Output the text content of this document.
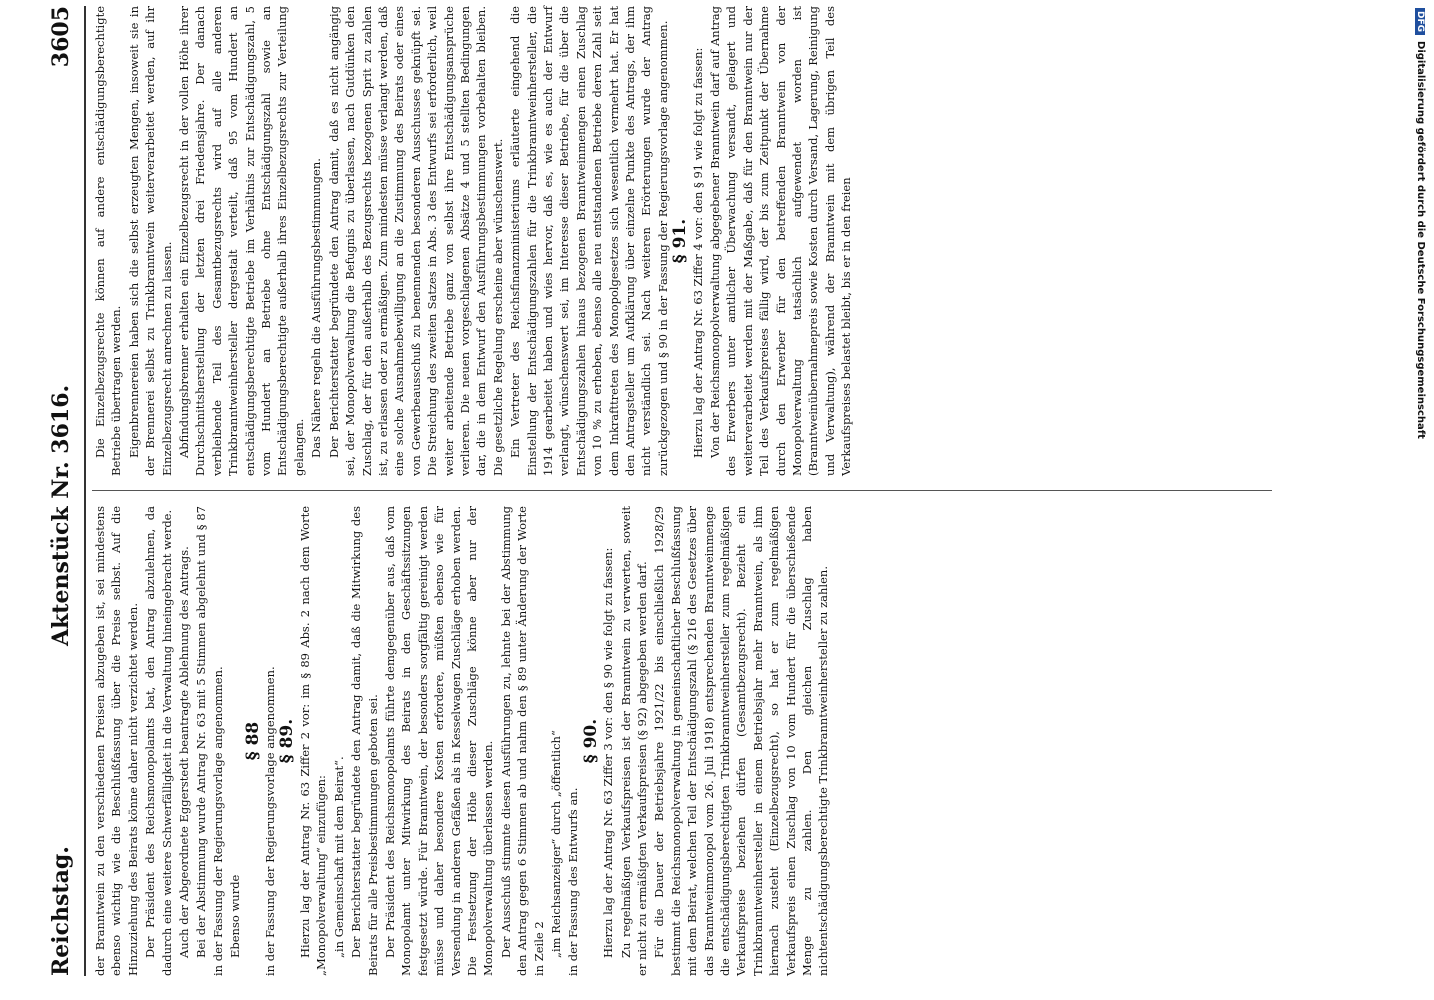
Reichstag.
Aktenstück Nr. 3616.
3605

der Branntwein zu den verschiedenen Preisen abzugeben ist, sei mindestens ebenso wichtig wie die Beschlußfassung über die Preise selbst. Auf die Hinzuziehung des Beirats könne daher nicht verzichtet werden. Der Präsident des Reichsmonopolamts bat, den Antrag abzulehnen, da dadurch eine weitere Schwerfälligkeit in die Verwaltung hineingebracht werde. Auch der Abgeordnete Eggerstedt beantragte Ablehnung des Antrags. Bei der Abstimmung wurde Antrag Nr. 63 mit 5 Stimmen abgelehnt und § 87 in der Fassung der Regierungsvorlage angenommen. Ebenso wurde

§ 88 in der Fassung der Regierungsvorlage angenommen. § 89. Hierzu lag der Antrag Nr. 63 Ziffer 2 vor: im § 89 Abs. 2 nach dem Worte „Monopolverwaltung“ einzufügen: „in Gemeinschaft mit dem Beirat“. Der Berichterstatter begründete den Antrag damit, daß die Mitwirkung des Beirats für alle Preisbestimmungen geboten sei. Der Präsident des Reichsmonopolamts führte demgegenüber aus, daß vom Monopolamt unter Mitwirkung des Beirats in den Geschäftssitzungen festgesetzt würde. Für Branntwein, der besonders sorgfältig gereinigt werden müsse und daher besondere Kosten erfordere, müßten ebenso wie für Versendung in anderen Gefäßen als in Kesselwagen Zuschläge erhoben werden. Die Festsetzung der Höhe dieser Zuschläge könne aber nur der Monopolverwaltung überlassen werden. Der Ausschuß stimmte diesen Ausführungen zu, lehnte bei der Abstimmung den Antrag gegen 6 Stimmen ab und nahm den § 89 unter Änderung der Worte in Zeile 2 „im Reichsanzeiger“ durch „öffentlich“ in der Fassung des Entwurfs an.

§ 90. Hierzu lag der Antrag Nr. 63 Ziffer 3 vor: den § 90 wie folgt zu fassen: Zu regelmäßigen Verkaufspreisen ist der Branntwein zu verwerten, soweit er nicht zu ermäßigten Verkaufspreisen (§ 92) abgegeben werden darf. Für die Dauer der Betriebsjahre 1921/22 bis einschließlich 1928/29 bestimmt die Reichsmonopolverwaltung in gemeinschaftlicher Beschlußfassung mit dem Beirat, welchen Teil der Entschädigungszahl (§ 216 des Gesetzes über das Branntweinmonopol vom 26. Juli 1918) entsprechenden Branntweinmenge die entschädigungsberechtigten Trinkbranntweinhersteller zum regelmäßigen Verkaufspreise beziehen dürfen (Gesamtbezugsrecht). Bezieht ein Trinkbranntweinhersteller in einem Betriebsjahr mehr Branntwein, als ihm hiernach zusteht (Einzelbezugsrecht), so hat er zum regelmäßigen Verkaufspreis einen Zuschlag von 10 vom Hundert für die überschießende Menge zu zahlen. Den gleichen Zuschlag haben nichtentschädigungsberechtigte Trinkbranntweinhersteller zu zahlen.

Die Einzelbezugsrechte können auf andere entschädigungsberechtigte Betriebe übertragen werden. Eigenbrennereien haben sich die selbst erzeugten Mengen, insoweit sie in der Brennerei selbst zu Trinkbranntwein weiterverarbeitet werden, auf ihr Einzelbezugsrecht anrechnen zu lassen. Abfindungsbrenner erhalten ein Einzelbezugsrecht in der vollen Höhe ihrer Durchschnittsherstellung der letzten drei Friedensjahre. Der danach verbleibende Teil des Gesamtbezugsrechts wird auf alle anderen Trinkbranntweinhersteller dergestalt verteilt, daß 95 vom Hundert an entschädigungsberechtigte Betriebe im Verhältnis zur Entschädigungszahl, 5 vom Hundert an Betriebe ohne Entschädigungszahl sowie an Entschädigungsberechtigte außerhalb ihres Einzelbezugsrechts zur Verteilung gelangen. Das Nähere regeln die Ausführungsbestimmungen. Der Berichterstatter begründete den Antrag damit, daß es nicht angängig sei, der Monopolverwaltung die Befugnis zu überlassen, nach Gutdünken den Zuschlag, der für den außerhalb des Bezugsrechts bezogenen Sprit zu zahlen ist, zu erlassen oder zu ermäßigen. Zum mindesten müsse verlangt werden, daß eine solche Ausnahmebewilligung an die Zustimmung des Beirats oder eines von Gewerbeausschuß zu benennenden besonderen Ausschusses geknüpft sei. Die Streichung des zweiten Satzes in Abs. 3 des Entwurfs sei erforderlich, weil weiter arbeitende Betriebe ganz von selbst ihre Entschädigungsansprüche verlieren. Die neuen vorgeschlagenen Absätze 4 und 5 stellten Bedingungen dar, die in dem Entwurf den Ausführungsbestimmungen vorbehalten bleiben. Die gesetzliche Regelung erscheine aber wünschenswert. Ein Vertreter des Reichsfinanzministeriums erläuterte eingehend die Einstellung der Entschädigungszahlen für die Trinkbranntweinhersteller, die 1914 gearbeitet haben und wies hervor, daß es, wie es auch der Entwurf verlangt, wünschenswert sei, im Interesse dieser Betriebe, für die über die Entschädigungszahlen hinaus bezogenen Branntweinmengen einen Zuschlag von 10 % zu erheben, ebenso alle neu entstandenen Betriebe deren Zahl seit dem Inkrafttreten des Monopolgesetzes sich wesentlich vermehrt hat. Er hat den Antragsteller um Aufklärung über einzelne Punkte des Antrags, der ihm nicht verständlich sei. Nach weiteren Erörterungen wurde der Antrag zurückgezogen und § 90 in der Fassung der Regierungsvorlage angenommen. § 91. Hierzu lag der Antrag Nr. 63 Ziffer 4 vor: den § 91 wie folgt zu fassen: Von der Reichsmonopolverwaltung abgegebener Branntwein darf auf Antrag des Erwerbers unter amtlicher Überwachung versandt, gelagert und weiterverarbeitet werden mit der Maßgabe, daß für den Branntwein nur der Teil des Verkaufspreises fällig wird, der bis zum Zeitpunkt der Übernahme durch den Erwerber für den betreffenden Branntwein von der Monopolverwaltung tatsächlich aufgewendet worden ist (Branntweinübernahmepreis sowie Kosten durch Versand, Lagerung, Reinigung und Verwaltung), während der Branntwein mit dem übrigen Teil des Verkaufspreises belastet bleibt, bis er in den freien

DFGDigitalisierung gefördert durch die Deutsche Forschungsgemeinschaft
